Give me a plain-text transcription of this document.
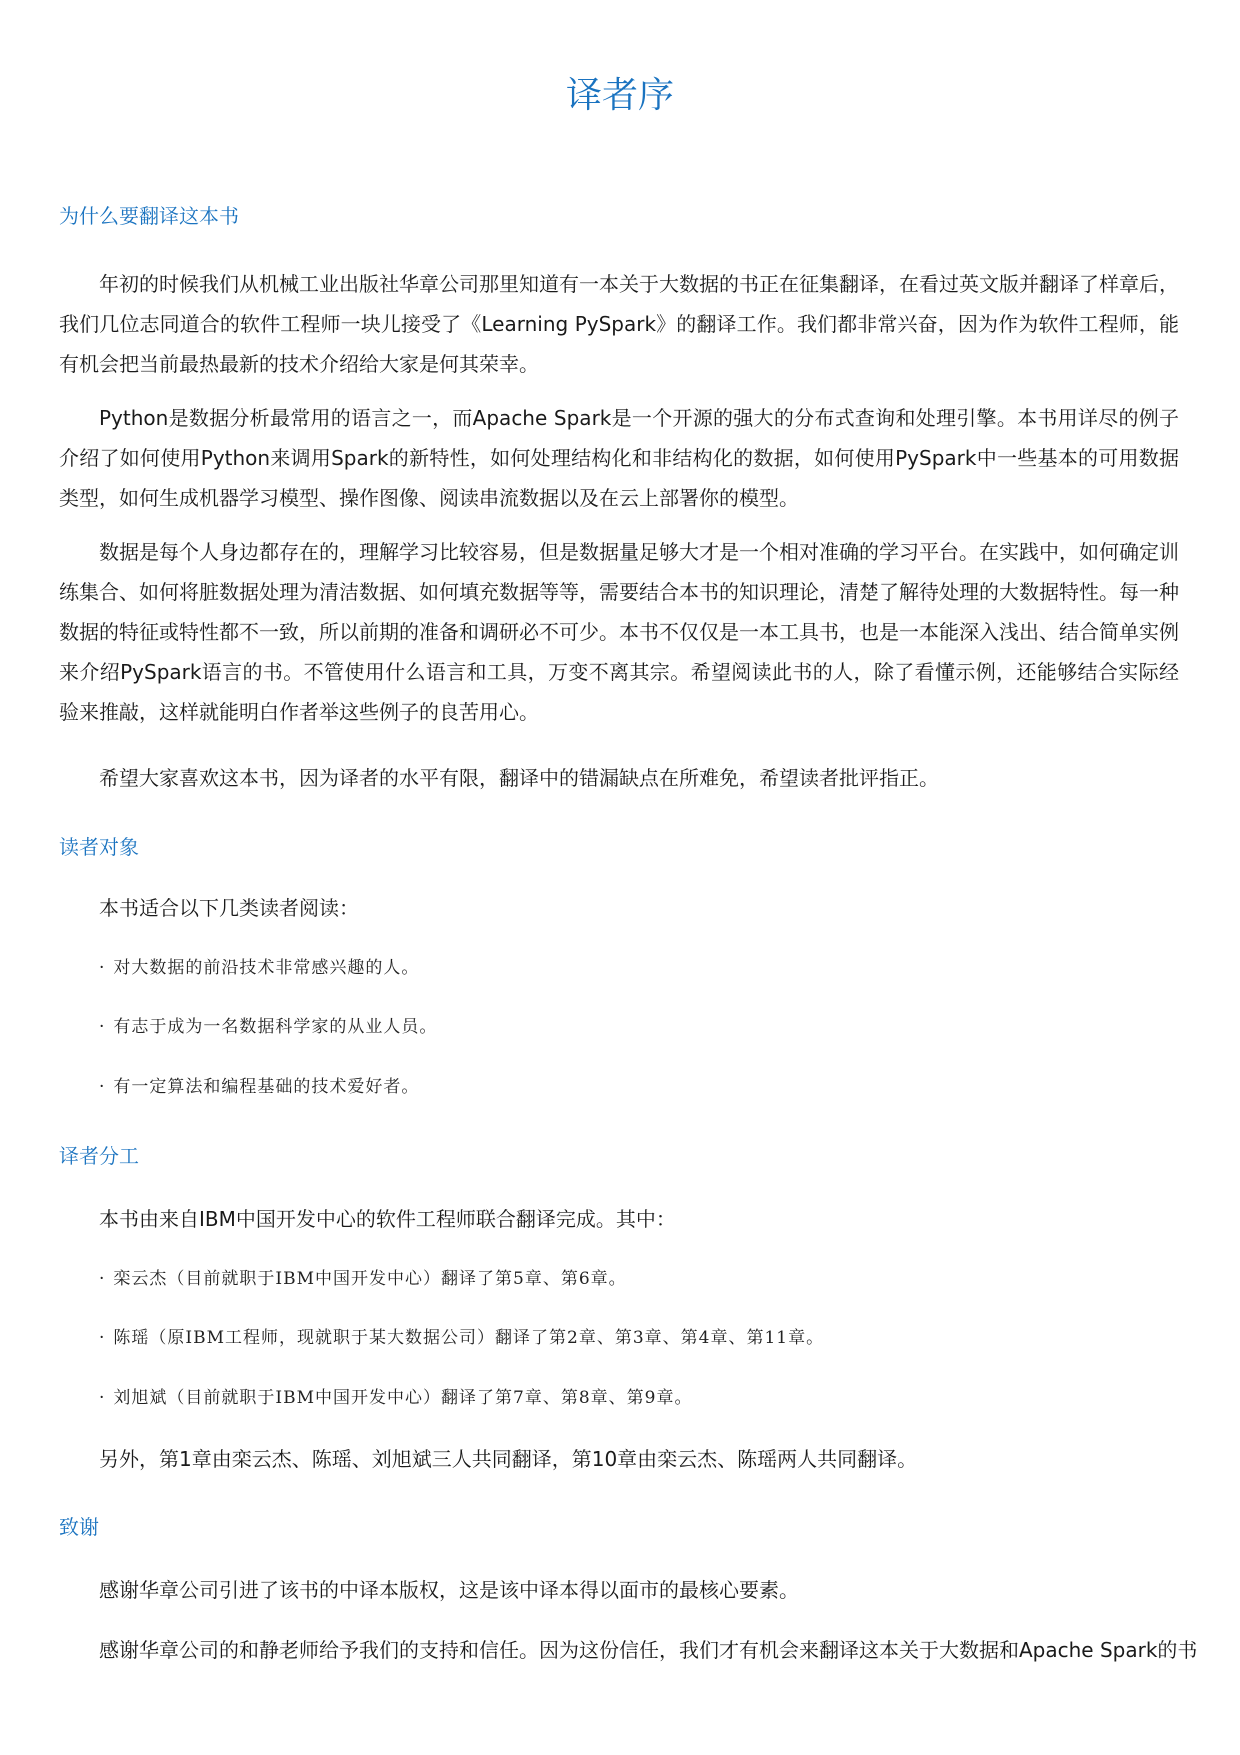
译者序
为什么要翻译这本书

年初的时候我们从机械工业出版社华章公司那里知道有一本关于大数据的书正在征集翻译，在看过英文版并翻译了样章后，我们几位志同道合的软件工程师一块儿接受了《Learning PySpark》的翻译工作。我们都非常兴奋，因为作为软件工程师，能有机会把当前最热最新的技术介绍给大家是何其荣幸。

Python是数据分析最常用的语言之一，而Apache Spark是一个开源的强大的分布式查询和处理引擎。本书用详尽的例子介绍了如何使用Python来调用Spark的新特性，如何处理结构化和非结构化的数据，如何使用PySpark中一些基本的可用数据类型，如何生成机器学习模型、操作图像、阅读串流数据以及在云上部署你的模型。

数据是每个人身边都存在的，理解学习比较容易，但是数据量足够大才是一个相对准确的学习平台。在实践中，如何确定训练集合、如何将脏数据处理为清洁数据、如何填充数据等等，需要结合本书的知识理论，清楚了解待处理的大数据特性。每一种数据的特征或特性都不一致，所以前期的准备和调研必不可少。本书不仅仅是一本工具书，也是一本能深入浅出、结合简单实例来介绍PySpark语言的书。不管使用什么语言和工具，万变不离其宗。希望阅读此书的人，除了看懂示例，还能够结合实际经验来推敲，这样就能明白作者举这些例子的良苦用心。

希望大家喜欢这本书，因为译者的水平有限，翻译中的错漏缺点在所难免，希望读者批评指正。

读者对象

本书适合以下几类读者阅读：

· 对大数据的前沿技术非常感兴趣的人。

· 有志于成为一名数据科学家的从业人员。

· 有一定算法和编程基础的技术爱好者。

译者分工

本书由来自IBM中国开发中心的软件工程师联合翻译完成。其中：

· 栾云杰（目前就职于IBM中国开发中心）翻译了第5章、第6章。

· 陈瑶（原IBM工程师，现就职于某大数据公司）翻译了第2章、第3章、第4章、第11章。

· 刘旭斌（目前就职于IBM中国开发中心）翻译了第7章、第8章、第9章。

另外，第1章由栾云杰、陈瑶、刘旭斌三人共同翻译，第10章由栾云杰、陈瑶两人共同翻译。

致谢

感谢华章公司引进了该书的中译本版权，这是该中译本得以面市的最核心要素。

感谢华章公司的和静老师给予我们的支持和信任。因为这份信任，我们才有机会来翻译这本关于大数据和Apache Spark的书
